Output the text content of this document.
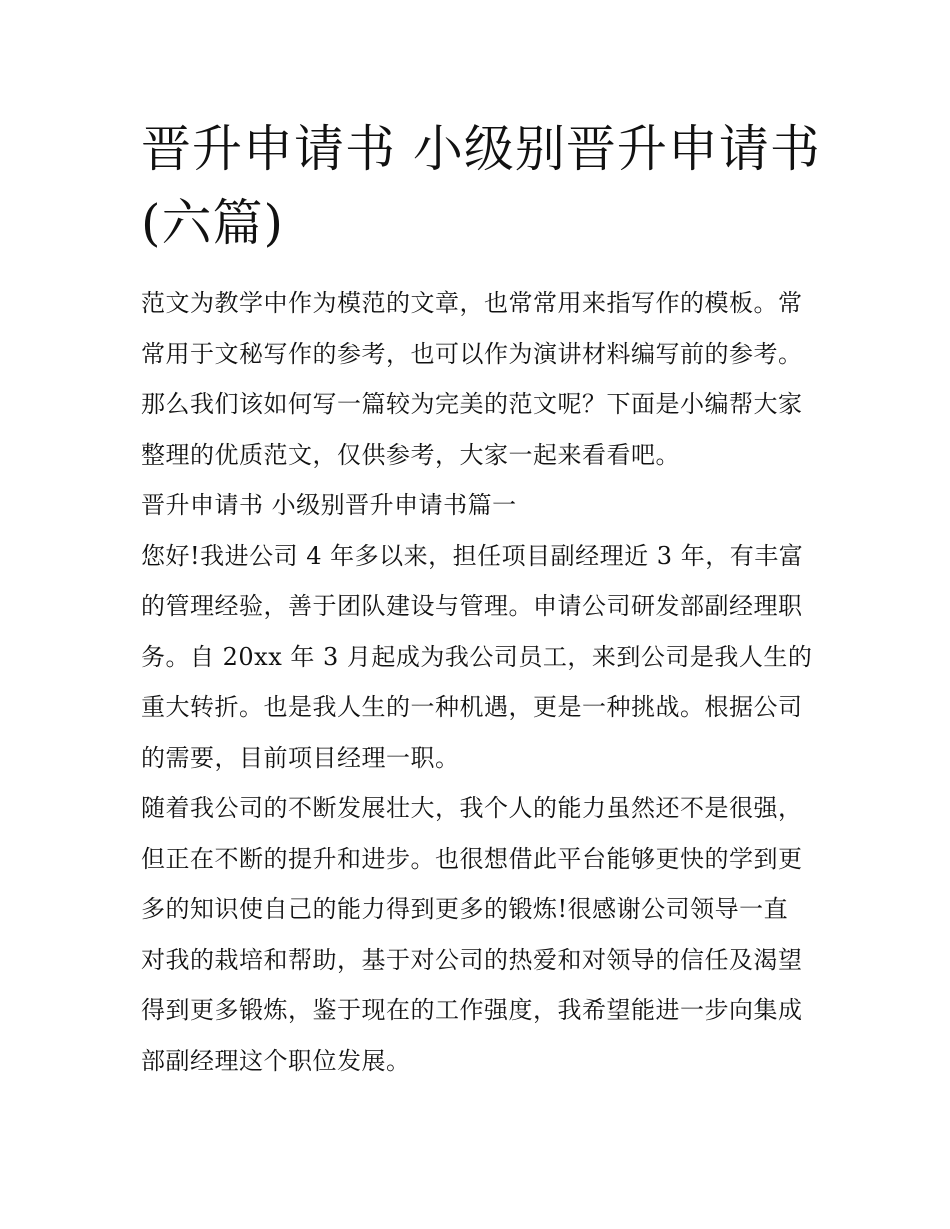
晋升申请书 小级别晋升申请书
(六篇)

范文为教学中作为模范的文章，也常常用来指写作的模板。常
常用于文秘写作的参考，也可以作为演讲材料编写前的参考。
那么我们该如何写一篇较为完美的范文呢？下面是小编帮大家
整理的优质范文，仅供参考，大家一起来看看吧。

晋升申请书 小级别晋升申请书篇一

您好!我进公司 4 年多以来，担任项目副经理近 3 年，有丰富
的管理经验，善于团队建设与管理。申请公司研发部副经理职
务。自 20xx 年 3 月起成为我公司员工，来到公司是我人生的
重大转折。也是我人生的一种机遇，更是一种挑战。根据公司
的需要，目前项目经理一职。

随着我公司的不断发展壮大，我个人的能力虽然还不是很强，
但正在不断的提升和进步。也很想借此平台能够更快的学到更
多的知识使自己的能力得到更多的锻炼!很感谢公司领导一直
对我的栽培和帮助，基于对公司的热爱和对领导的信任及渴望
得到更多锻炼，鉴于现在的工作强度，我希望能进一步向集成
部副经理这个职位发展。
